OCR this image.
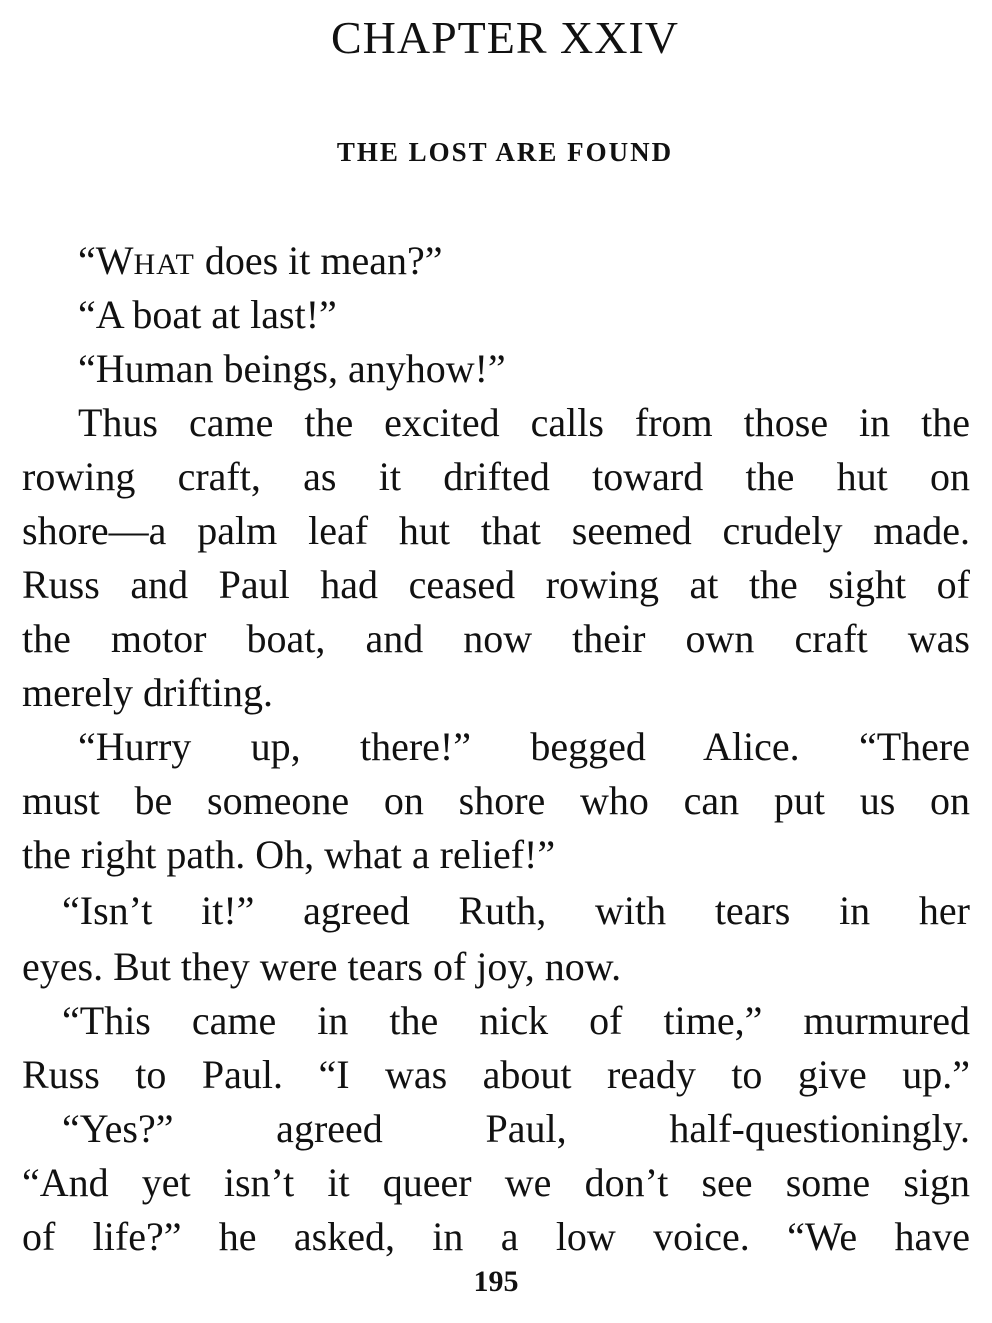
CHAPTER XXIV
THE LOST ARE FOUND
“WHAT does it mean?”
“A boat at last!”
“Human beings, anyhow!”
Thus came the excited calls from those in the
rowing craft, as it drifted toward the hut on
shore—a palm leaf hut that seemed crudely made.
Russ and Paul had ceased rowing at the sight of
the motor boat, and now their own craft was
merely drifting.
“Hurry up, there!” begged Alice. “There
must be someone on shore who can put us on
the right path. Oh, what a relief!”
“Isn’t it!” agreed Ruth, with tears in her
eyes. But they were tears of joy, now.
“This came in the nick of time,” murmured
Russ to Paul. “I was about ready to give up.”
“Yes?” agreed Paul, half-questioningly.
“And yet isn’t it queer we don’t see some sign
of life?” he asked, in a low voice. “We have
195
